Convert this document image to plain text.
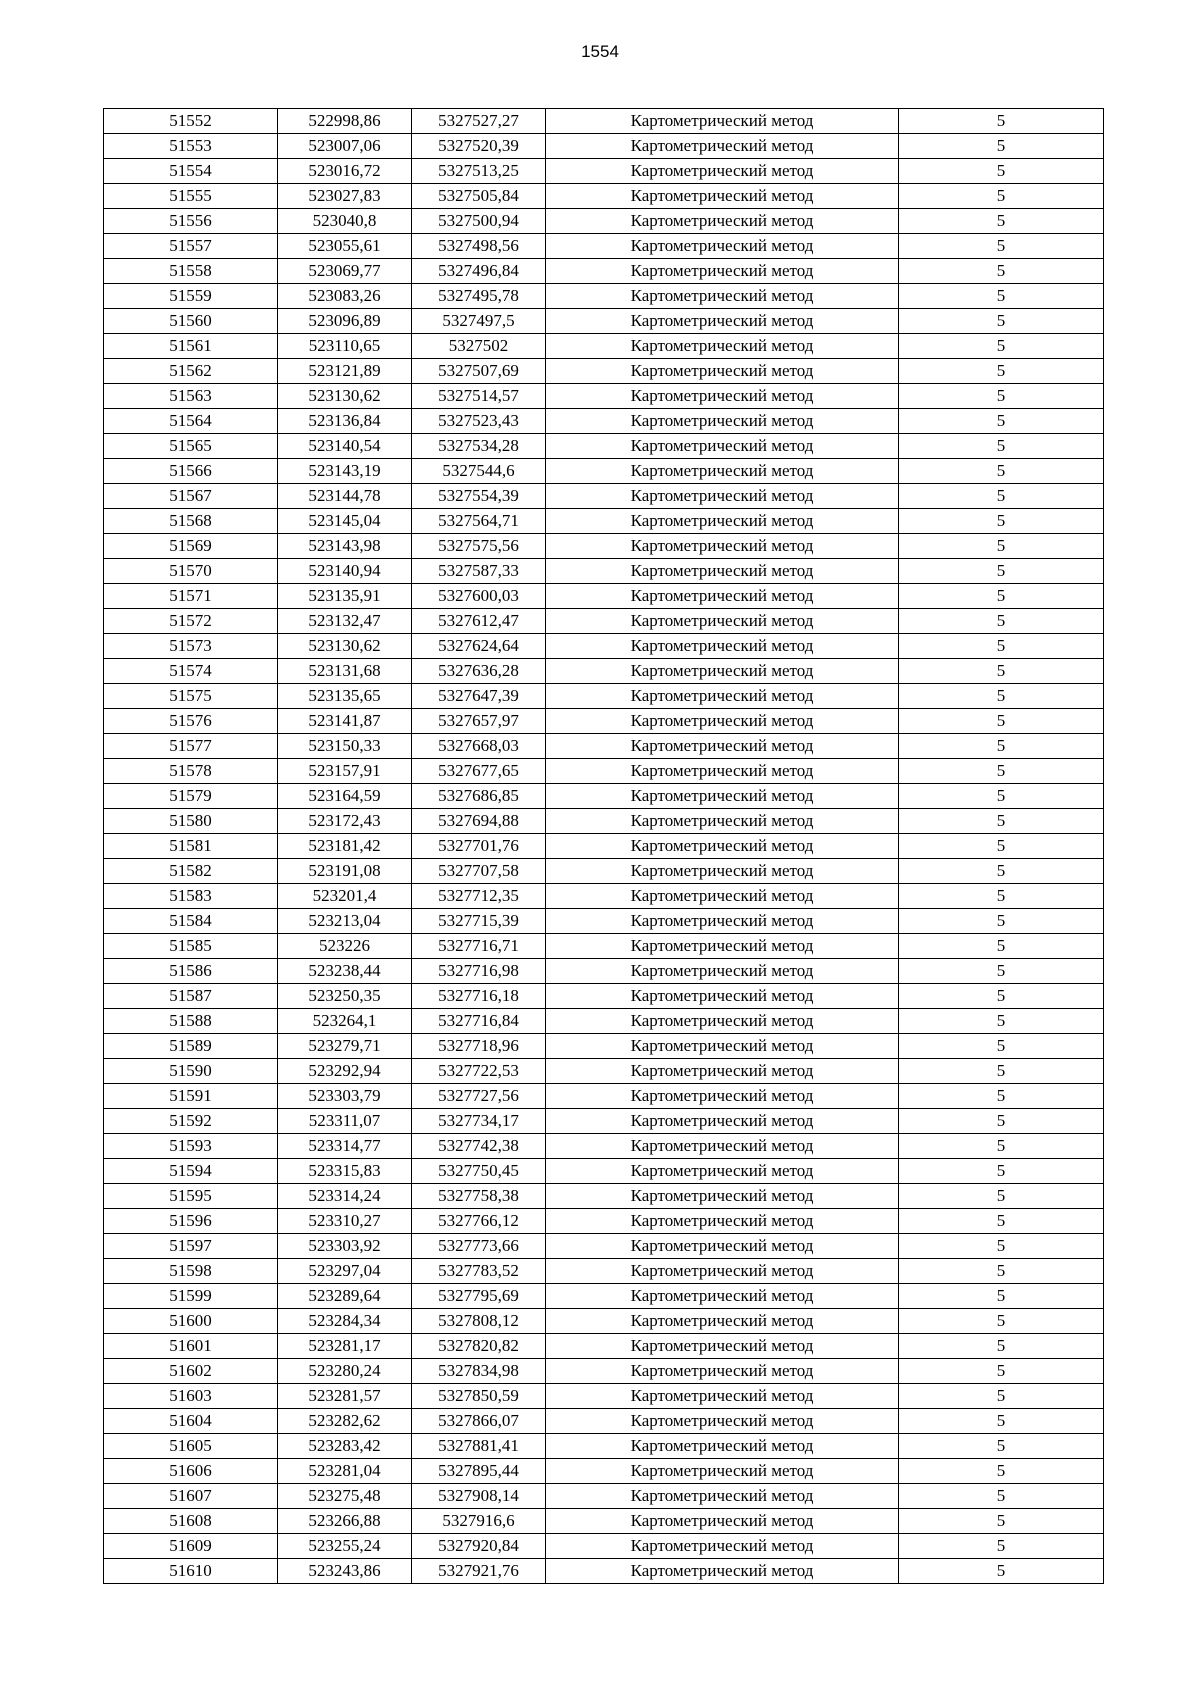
1554
51552	522998,86	5327527,27	Картометрический метод	5
51553	523007,06	5327520,39	Картометрический метод	5
51554	523016,72	5327513,25	Картометрический метод	5
51555	523027,83	5327505,84	Картометрический метод	5
51556	523040,8	5327500,94	Картометрический метод	5
51557	523055,61	5327498,56	Картометрический метод	5
51558	523069,77	5327496,84	Картометрический метод	5
51559	523083,26	5327495,78	Картометрический метод	5
51560	523096,89	5327497,5	Картометрический метод	5
51561	523110,65	5327502	Картометрический метод	5
51562	523121,89	5327507,69	Картометрический метод	5
51563	523130,62	5327514,57	Картометрический метод	5
51564	523136,84	5327523,43	Картометрический метод	5
51565	523140,54	5327534,28	Картометрический метод	5
51566	523143,19	5327544,6	Картометрический метод	5
51567	523144,78	5327554,39	Картометрический метод	5
51568	523145,04	5327564,71	Картометрический метод	5
51569	523143,98	5327575,56	Картометрический метод	5
51570	523140,94	5327587,33	Картометрический метод	5
51571	523135,91	5327600,03	Картометрический метод	5
51572	523132,47	5327612,47	Картометрический метод	5
51573	523130,62	5327624,64	Картометрический метод	5
51574	523131,68	5327636,28	Картометрический метод	5
51575	523135,65	5327647,39	Картометрический метод	5
51576	523141,87	5327657,97	Картометрический метод	5
51577	523150,33	5327668,03	Картометрический метод	5
51578	523157,91	5327677,65	Картометрический метод	5
51579	523164,59	5327686,85	Картометрический метод	5
51580	523172,43	5327694,88	Картометрический метод	5
51581	523181,42	5327701,76	Картометрический метод	5
51582	523191,08	5327707,58	Картометрический метод	5
51583	523201,4	5327712,35	Картометрический метод	5
51584	523213,04	5327715,39	Картометрический метод	5
51585	523226	5327716,71	Картометрический метод	5
51586	523238,44	5327716,98	Картометрический метод	5
51587	523250,35	5327716,18	Картометрический метод	5
51588	523264,1	5327716,84	Картометрический метод	5
51589	523279,71	5327718,96	Картометрический метод	5
51590	523292,94	5327722,53	Картометрический метод	5
51591	523303,79	5327727,56	Картометрический метод	5
51592	523311,07	5327734,17	Картометрический метод	5
51593	523314,77	5327742,38	Картометрический метод	5
51594	523315,83	5327750,45	Картометрический метод	5
51595	523314,24	5327758,38	Картометрический метод	5
51596	523310,27	5327766,12	Картометрический метод	5
51597	523303,92	5327773,66	Картометрический метод	5
51598	523297,04	5327783,52	Картометрический метод	5
51599	523289,64	5327795,69	Картометрический метод	5
51600	523284,34	5327808,12	Картометрический метод	5
51601	523281,17	5327820,82	Картометрический метод	5
51602	523280,24	5327834,98	Картометрический метод	5
51603	523281,57	5327850,59	Картометрический метод	5
51604	523282,62	5327866,07	Картометрический метод	5
51605	523283,42	5327881,41	Картометрический метод	5
51606	523281,04	5327895,44	Картометрический метод	5
51607	523275,48	5327908,14	Картометрический метод	5
51608	523266,88	5327916,6	Картометрический метод	5
51609	523255,24	5327920,84	Картометрический метод	5
51610	523243,86	5327921,76	Картометрический метод	5
